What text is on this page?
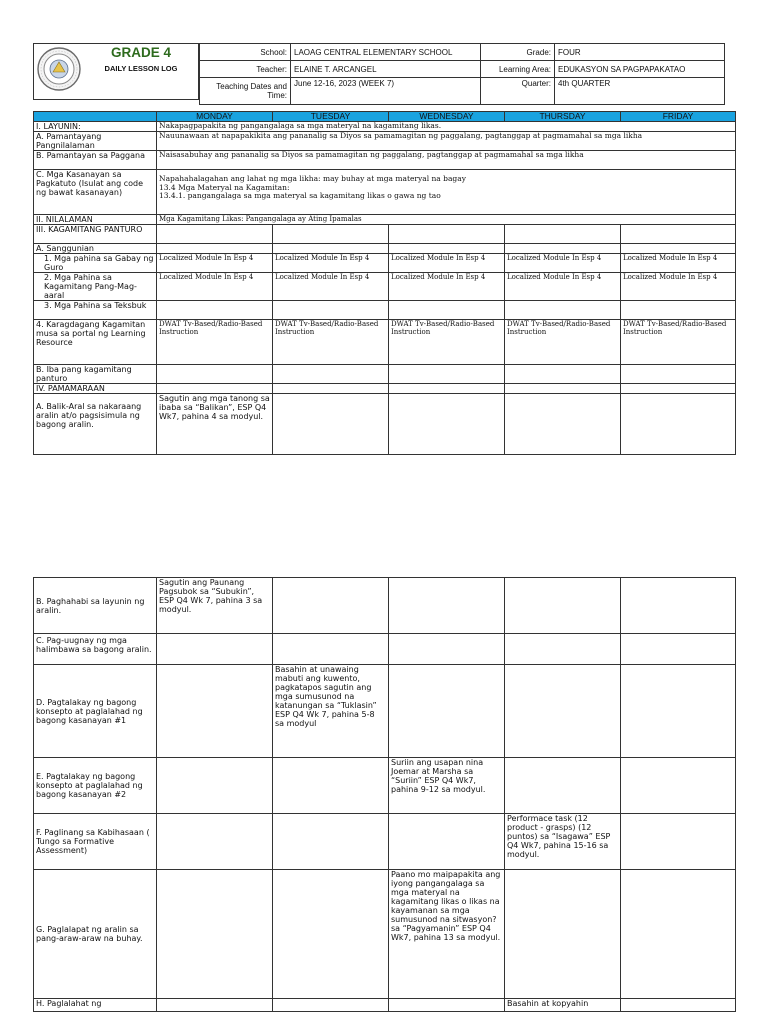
GRADE 4
DAILY LESSON LOG
School:	LAOAG CENTRAL ELEMENTARY SCHOOL	Grade:	FOUR
Teacher:	ELAINE T. ARCANGEL	Learning Area:	EDUKASYON SA PAGPAPAKATAO
Teaching Dates and Time:	June 12-16, 2023 (WEEK 7)	Quarter:	4th QUARTER
	MONDAY	TUESDAY	WEDNESDAY	THURSDAY	FRIDAY
I. LAYUNIN:	Nakapagpapakita ng pangangalaga sa mga materyal na kagamitang likas.				
A. Pamantayang Pangnilalaman	Nauunawaan at napapakikita ang pananalig sa Diyos sa pamamagitan ng paggalang, pagtanggap at pagmamahal sa mga likha				
B. Pamantayan sa Paggana	Naisasabuhay ang pananalig sa Diyos sa pamamagitan ng paggalang, pagtanggap at pagmamahal sa mga likha				
C. Mga Kasanayan sa Pagkatuto (Isulat ang code ng bawat kasanayan)	Napahahalagahan ang lahat ng mga likha: may buhay at mga materyal na bagay
13.4 Mga Materyal na Kagamitan:
13.4.1. pangangalaga sa mga materyal sa kagamitang likas o gawa ng tao				

II. NILALAMAN	Mga Kagamitang Likas: Pangangalaga ay Ating Ipamalas				
III. KAGAMITANG PANTURO					
A. Sanggunian					
1. Mga pahina sa Gabay ng Guro	Localized Module In Esp 4	Localized Module In Esp 4	Localized Module In Esp 4	Localized Module In Esp 4	Localized Module In Esp 4
2. Mga Pahina sa Kagamitang Pang-Mag-aaral	Localized Module In Esp 4	Localized Module In Esp 4	Localized Module In Esp 4	Localized Module In Esp 4	Localized Module In Esp 4
3. Mga Pahina sa Teksbuk					
4. Karagdagang Kagamitan musa sa portal ng Learning Resource	DWAT Tv-Based/Radio-Based Instruction	DWAT Tv-Based/Radio-Based Instruction	DWAT Tv-Based/Radio-Based Instruction	DWAT Tv-Based/Radio-Based Instruction	DWAT Tv-Based/Radio-Based Instruction
B. Iba pang kagamitang panturo					
IV. PAMAMARAAN					
A. Balik-Aral sa nakaraang aralin at/o pagsisimula ng bagong aralin.	Sagutin ang mga tanong sa ibaba sa “Balikan”, ESP Q4 Wk7, pahina 4 sa modyul.				
B. Paghahabi sa layunin ng aralin.	Sagutin ang Paunang Pagsubok sa “Subukin”, ESP Q4 Wk 7, pahina 3 sa modyul.				
C. Pag-uugnay ng mga halimbawa sa bagong aralin.					
D. Pagtalakay ng bagong konsepto at paglalahad ng bagong kasanayan #1		Basahin at unawaing mabuti ang kuwento, pagkatapos sagutin ang mga sumusunod na katanungan sa “Tuklasin” ESP Q4 Wk 7, pahina 5-8 sa modyul			
E. Pagtalakay ng bagong konsepto at paglalahad ng bagong kasanayan #2			Suriin ang usapan nina Joemar at Marsha sa “Suriin” ESP Q4 Wk7, pahina 9-12 sa modyul.		
F. Paglinang sa Kabihasaan ( Tungo sa Formative Assessment)				Performace task (12 product - grasps) (12 puntos) sa “Isagawa” ESP Q4 Wk7, pahina 15-16 sa modyul.	
G. Paglalapat ng aralin sa pang-araw-araw na buhay.			Paano mo maipapakita ang iyong pangangalaga sa mga materyal na kagamitang likas o likas na kayamanan sa mga sumusunod na sitwasyon? sa “Pagyamanin” ESP Q4 Wk7, pahina 13 sa modyul.		
H. Paglalahat ng				Basahin at kopyahin	
